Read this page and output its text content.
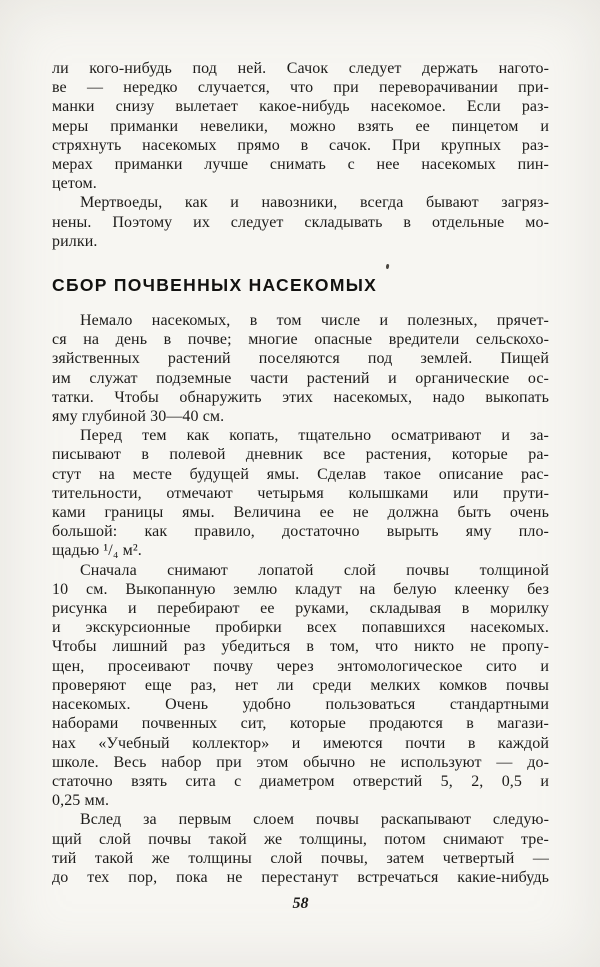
ли кого-нибудь под ней. Сачок следует держать нагото-
ве — нередко случается, что при переворачивании при-
манки снизу вылетает какое-нибудь насекомое. Если раз-
меры приманки невелики, можно взять ее пинцетом и
стряхнуть насекомых прямо в сачок. При крупных раз-
мерах приманки лучше снимать с нее насекомых пин-
цетом.
Мертвоеды, как и навозники, всегда бывают загряз-
нены. Поэтому их следует складывать в отдельные мо-
рилки.
СБОР ПОЧВЕННЫХ НАСЕКОМЫХ
Немало насекомых, в том числе и полезных, прячет-
ся на день в почве; многие опасные вредители сельскохо-
зяйственных растений поселяются под землей. Пищей
им служат подземные части растений и органические ос-
татки. Чтобы обнаружить этих насекомых, надо выкопать
яму глубиной 30—40 см.
Перед тем как копать, тщательно осматривают и за-
писывают в полевой дневник все растения, которые ра-
стут на месте будущей ямы. Сделав такое описание рас-
тительности, отмечают четырьмя колышками или прути-
ками границы ямы. Величина ее не должна быть очень
большой: как правило, достаточно вырыть яму пло-
щадью ¹/₄ м².
Сначала снимают лопатой слой почвы толщиной
10 см. Выкопанную землю кладут на белую клеенку без
рисунка и перебирают ее руками, складывая в морилку
и экскурсионные пробирки всех попавшихся насекомых.
Чтобы лишний раз убедиться в том, что никто не пропу-
щен, просеивают почву через энтомологическое сито и
проверяют еще раз, нет ли среди мелких комков почвы
насекомых. Очень удобно пользоваться стандартными
наборами почвенных сит, которые продаются в магази-
нах «Учебный коллектор» и имеются почти в каждой
школе. Весь набор при этом обычно не используют — до-
статочно взять сита с диаметром отверстий 5, 2, 0,5 и
0,25 мм.
Вслед за первым слоем почвы раскапывают следую-
щий слой почвы такой же толщины, потом снимают тре-
тий такой же толщины слой почвы, затем четвертый —
до тех пор, пока не перестанут встречаться какие-нибудь
58
